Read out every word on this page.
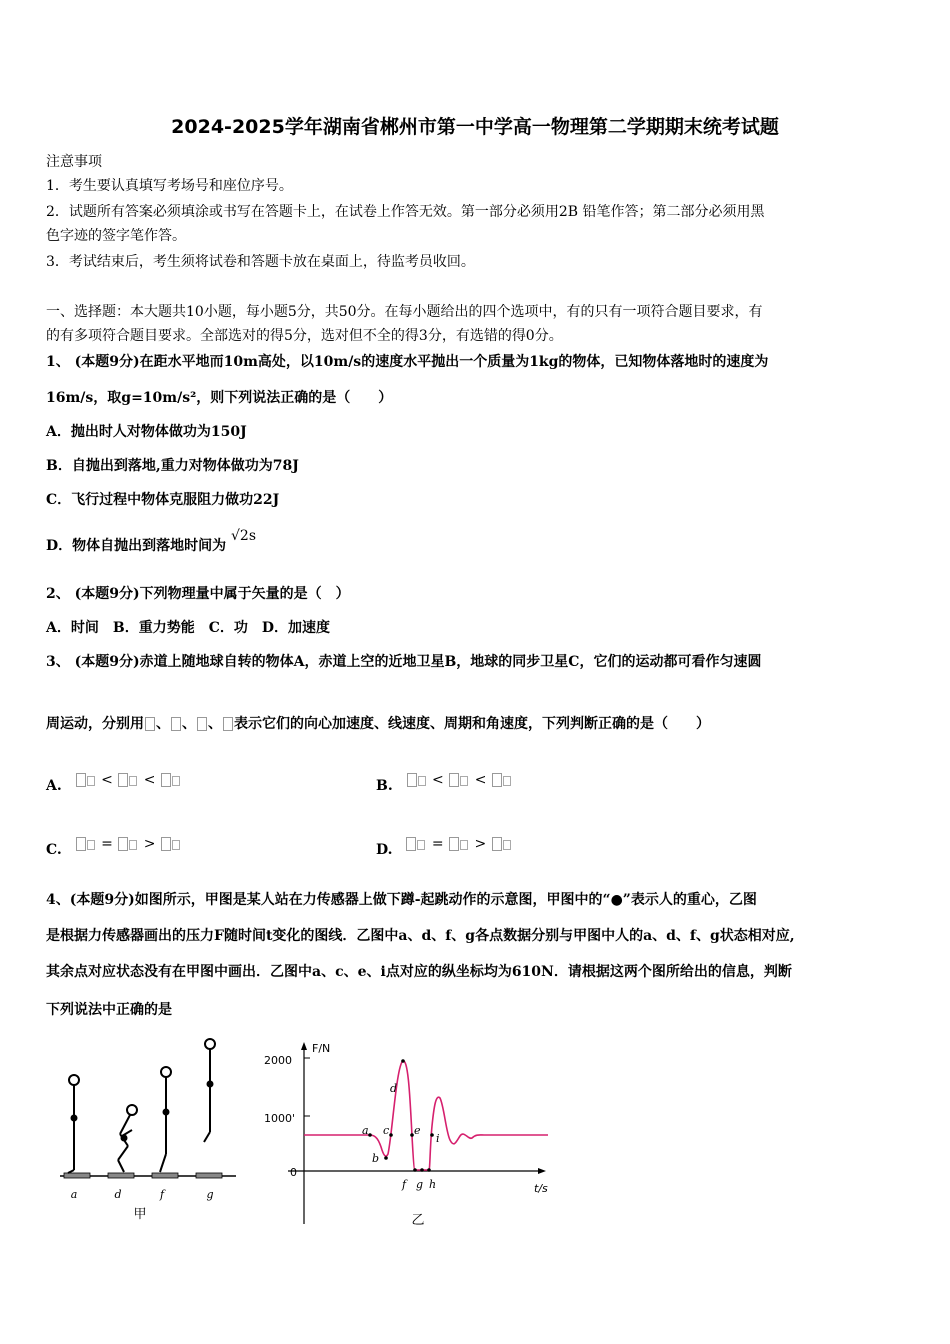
2024-2025学年湖南省郴州市第一中学高一物理第二学期期末统考试题
注意事项
1．考生要认真填写考场号和座位序号。
2．试题所有答案必须填涂或书写在答题卡上，在试卷上作答无效。第一部分必须用2B 铅笔作答；第二部分必须用黑
色字迹的签字笔作答。
3．考试结束后，考生须将试卷和答题卡放在桌面上，待监考员收回。
一、选择题：本大题共10小题，每小题5分，共50分。在每小题给出的四个选项中，有的只有一项符合题目要求，有
的有多项符合题目要求。全部选对的得5分，选对但不全的得3分，有选错的得0分。
1、 (本题9分)在距水平地而10m高处，以10m/s的速度水平抛出一个质量为1kg的物体，已知物体落地时的速度为
16m/s，取g=10m/s²，则下列说法正确的是（　　）
A．抛出时人对物体做功为150J
B．自抛出到落地,重力对物体做功为78J
C．飞行过程中物体克服阻力做功22J
D．物体自抛出到落地时间为 √2s
2、 (本题9分)下列物理量中属于矢量的是（　）
A．时间　B．重力势能　C．功　D．加速度
3、 (本题9分)赤道上随地球自转的物体A，赤道上空的近地卫星B，地球的同步卫星C，它们的运动都可看作匀速圆
周运动，分别用 、 、 、 表示它们的向心加速度、线速度、周期和角速度，下列判断正确的是（　　）
A.	< <	B.	< <
C.	= >	D.	= >
4、(本题9分)如图所示，甲图是某人站在力传感器上做下蹲-起跳动作的示意图，甲图中的“●”表示人的重心，乙图
是根据力传感器画出的压力F随时间t变化的图线．乙图中a、d、f、g各点数据分别与甲图中人的a、d、f、g状态相对应,
其余点对应状态没有在甲图中画出．乙图中a、c、e、i点对应的纵坐标均为610N．请根据这两个图所给出的信息，判断
下列说法中正确的是
a	d	f	g
甲
F/N
t/s
2000
1000'
0
a
b
c
d
e
f g h
i
乙
